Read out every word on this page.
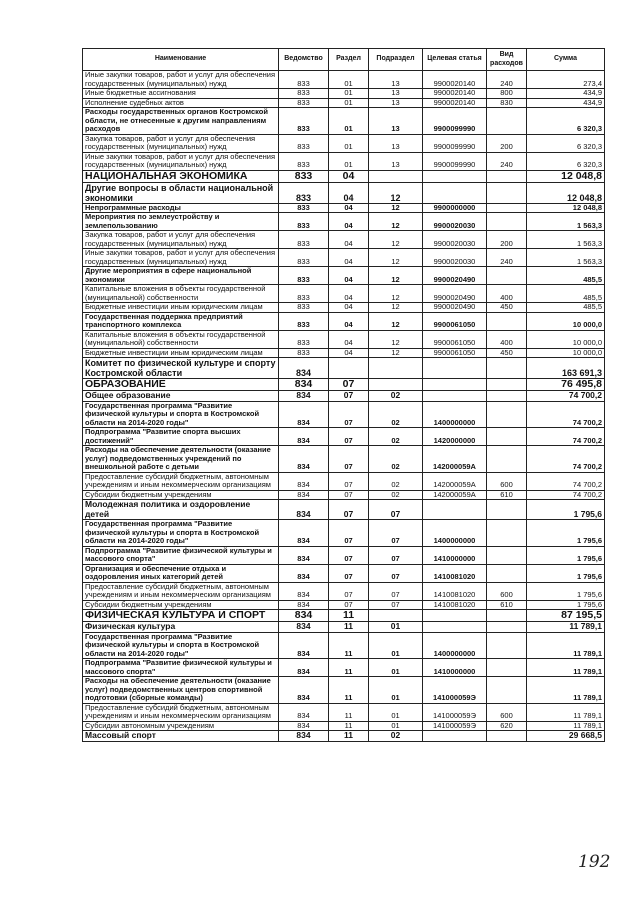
Наименование	Ведомство	Раздел	Подраздел	Целевая статья	Вид расходов	Сумма
Иные закупки товаров, работ и услуг для обеспечения государственных (муниципальных) нужд	833	01	13	9900020140	240	273,4
Иные бюджетные ассигнования	833	01	13	9900020140	800	434,9
Исполнение судебных актов	833	01	13	9900020140	830	434,9
Расходы государственных органов Костромской области, не отнесенные к другим направлениям расходов	833	01	13	9900099990		6 320,3
Закупка товаров, работ и услуг для обеспечения государственных (муниципальных) нужд	833	01	13	9900099990	200	6 320,3
Иные закупки товаров, работ и услуг для обеспечения государственных (муниципальных) нужд	833	01	13	9900099990	240	6 320,3
НАЦИОНАЛЬНАЯ ЭКОНОМИКА	833	04				12 048,8
Другие вопросы в области национальной экономики	833	04	12			12 048,8
Непрограммные расходы	833	04	12	9900000000		12 048,8
Мероприятия по землеустройству и землепользованию	833	04	12	9900020030		1 563,3
Закупка товаров, работ и услуг для обеспечения государственных (муниципальных) нужд	833	04	12	9900020030	200	1 563,3
Иные закупки товаров, работ и услуг для обеспечения государственных (муниципальных) нужд	833	04	12	9900020030	240	1 563,3
Другие мероприятия в сфере национальной экономики	833	04	12	9900020490		485,5
Капитальные вложения в объекты государственной (муниципальной) собственности	833	04	12	9900020490	400	485,5
Бюджетные инвестиции иным юридическим лицам	833	04	12	9900020490	450	485,5
Государственная поддержка предприятий транспортного комплекса	833	04	12	9900061050		10 000,0
Капитальные вложения в объекты государственной (муниципальной) собственности	833	04	12	9900061050	400	10 000,0
Бюджетные инвестиции иным юридическим лицам	833	04	12	9900061050	450	10 000,0
Комитет по физической культуре и спорту Костромской области	834					163 691,3
ОБРАЗОВАНИЕ	834	07				76 495,8
Общее образование	834	07	02			74 700,2
Государственная программа "Развитие физической культуры и спорта в Костромской области на 2014-2020 годы"	834	07	02	1400000000		74 700,2
Подпрограмма "Развитие спорта высших достижений"	834	07	02	1420000000		74 700,2
Расходы на обеспечение деятельности (оказание услуг) подведомственных учреждений по внешкольной работе с детьми	834	07	02	142000059А		74 700,2
Предоставление субсидий бюджетным, автономным учреждениям и иным некоммерческим организациям	834	07	02	142000059А	600	74 700,2
Субсидии бюджетным учреждениям	834	07	02	142000059А	610	74 700,2
Молодежная политика и оздоровление детей	834	07	07			1 795,6
Государственная программа "Развитие физической культуры и спорта в Костромской области на 2014-2020 годы"	834	07	07	1400000000		1 795,6
Подпрограмма "Развитие физической культуры и массового спорта"	834	07	07	1410000000		1 795,6
Организация и обеспечение отдыха и оздоровления иных категорий детей	834	07	07	1410081020		1 795,6
Предоставление субсидий бюджетным, автономным учреждениям и иным некоммерческим организациям	834	07	07	1410081020	600	1 795,6
Субсидии бюджетным учреждениям	834	07	07	1410081020	610	1 795,6
ФИЗИЧЕСКАЯ КУЛЬТУРА И СПОРТ	834	11				87 195,5
Физическая культура	834	11	01			11 789,1
Государственная программа "Развитие физической культуры и спорта в Костромской области на 2014-2020 годы"	834	11	01	1400000000		11 789,1
Подпрограмма "Развитие физической культуры и массового спорта"	834	11	01	1410000000		11 789,1
Расходы на обеспечение деятельности (оказание услуг) подведомственных центров спортивной подготовки (сборные команды)	834	11	01	141000059Э		11 789,1
Предоставление субсидий бюджетным, автономным учреждениям и иным некоммерческим организациям	834	11	01	141000059Э	600	11 789,1
Субсидии автономным учреждениям	834	11	01	141000059Э	620	11 789,1
Массовый спорт	834	11	02			29 668,5
192
